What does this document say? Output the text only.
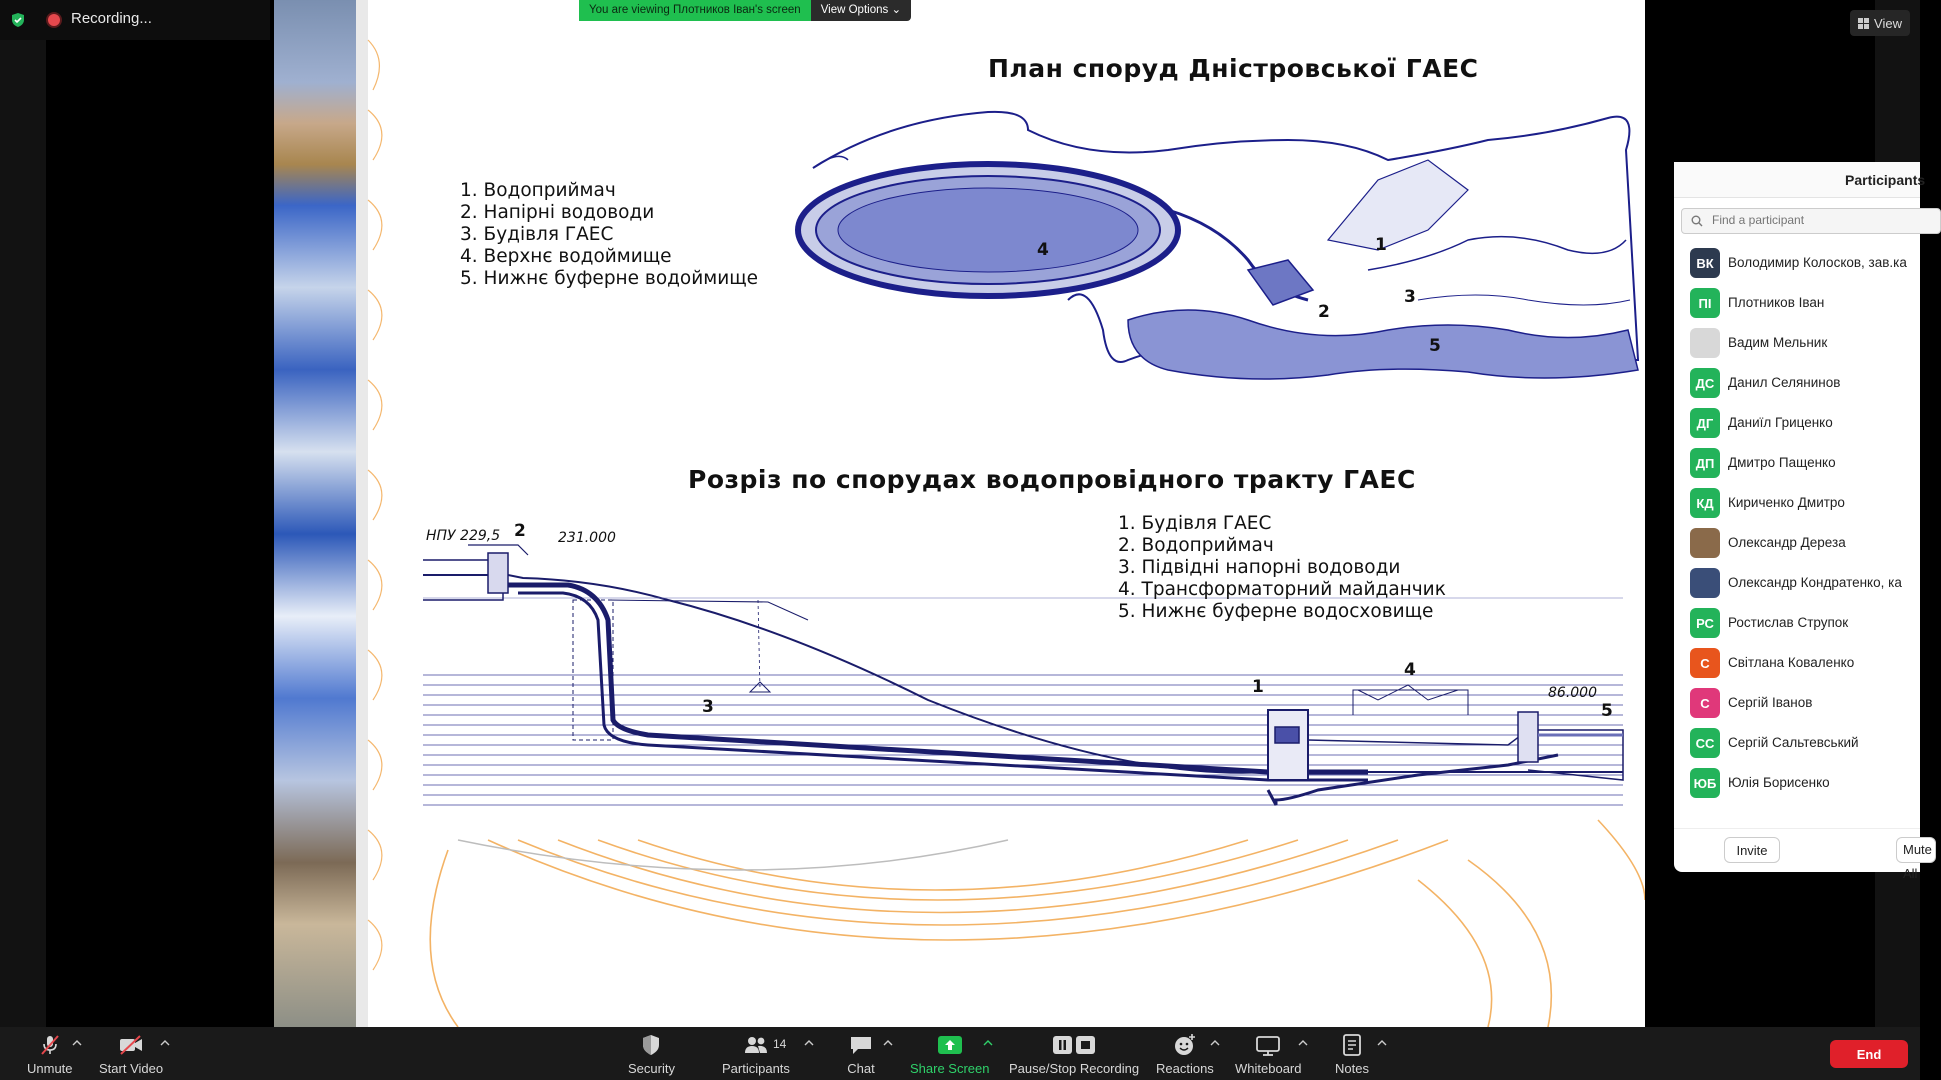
Recording...
План споруд Дністровської ГАЕС
Розріз по спорудах водопровідного тракту ГАЕС
1. Водоприймач
2. Напірні водоводи
3. Будівля ГАЕС
4. Верхнє водоймище
5. Нижнє буферне водоймище
1. Будівля ГАЕС
2. Водоприймач
3. Підвідні напорні водоводи
4. Трансформаторний майданчик
5. Нижнє буферне водосховище
4	1
3
2
5
2
3
1
4
5
НПУ 229,5	231.000
86.000
You are viewing Плотников Іван's screen	View Options ⌄
View
Participants
Find a participant
ВК	Володимир Колосков, зав.ка
ПІ	Плотников Іван
Вадим Мельник
ДС	Данил Селянинов
ДГ	Даниїл Гриценко
ДП	Дмитро Пащенко
КД	Кириченко Дмитро
Олександр Дереза
Олександр Кондратенко, ка
РС	Ростислав Струпок
С	Світлана Коваленко
С	Сергій Іванов
СС	Сергій Сальтевський
ЮБ Юлія Борисенко
Invite	Mute All
Unmute Start Video	Security	Participants
14
Chat	Share Screen Pause/Stop Recording Reactions Whiteboard	Notes
End
